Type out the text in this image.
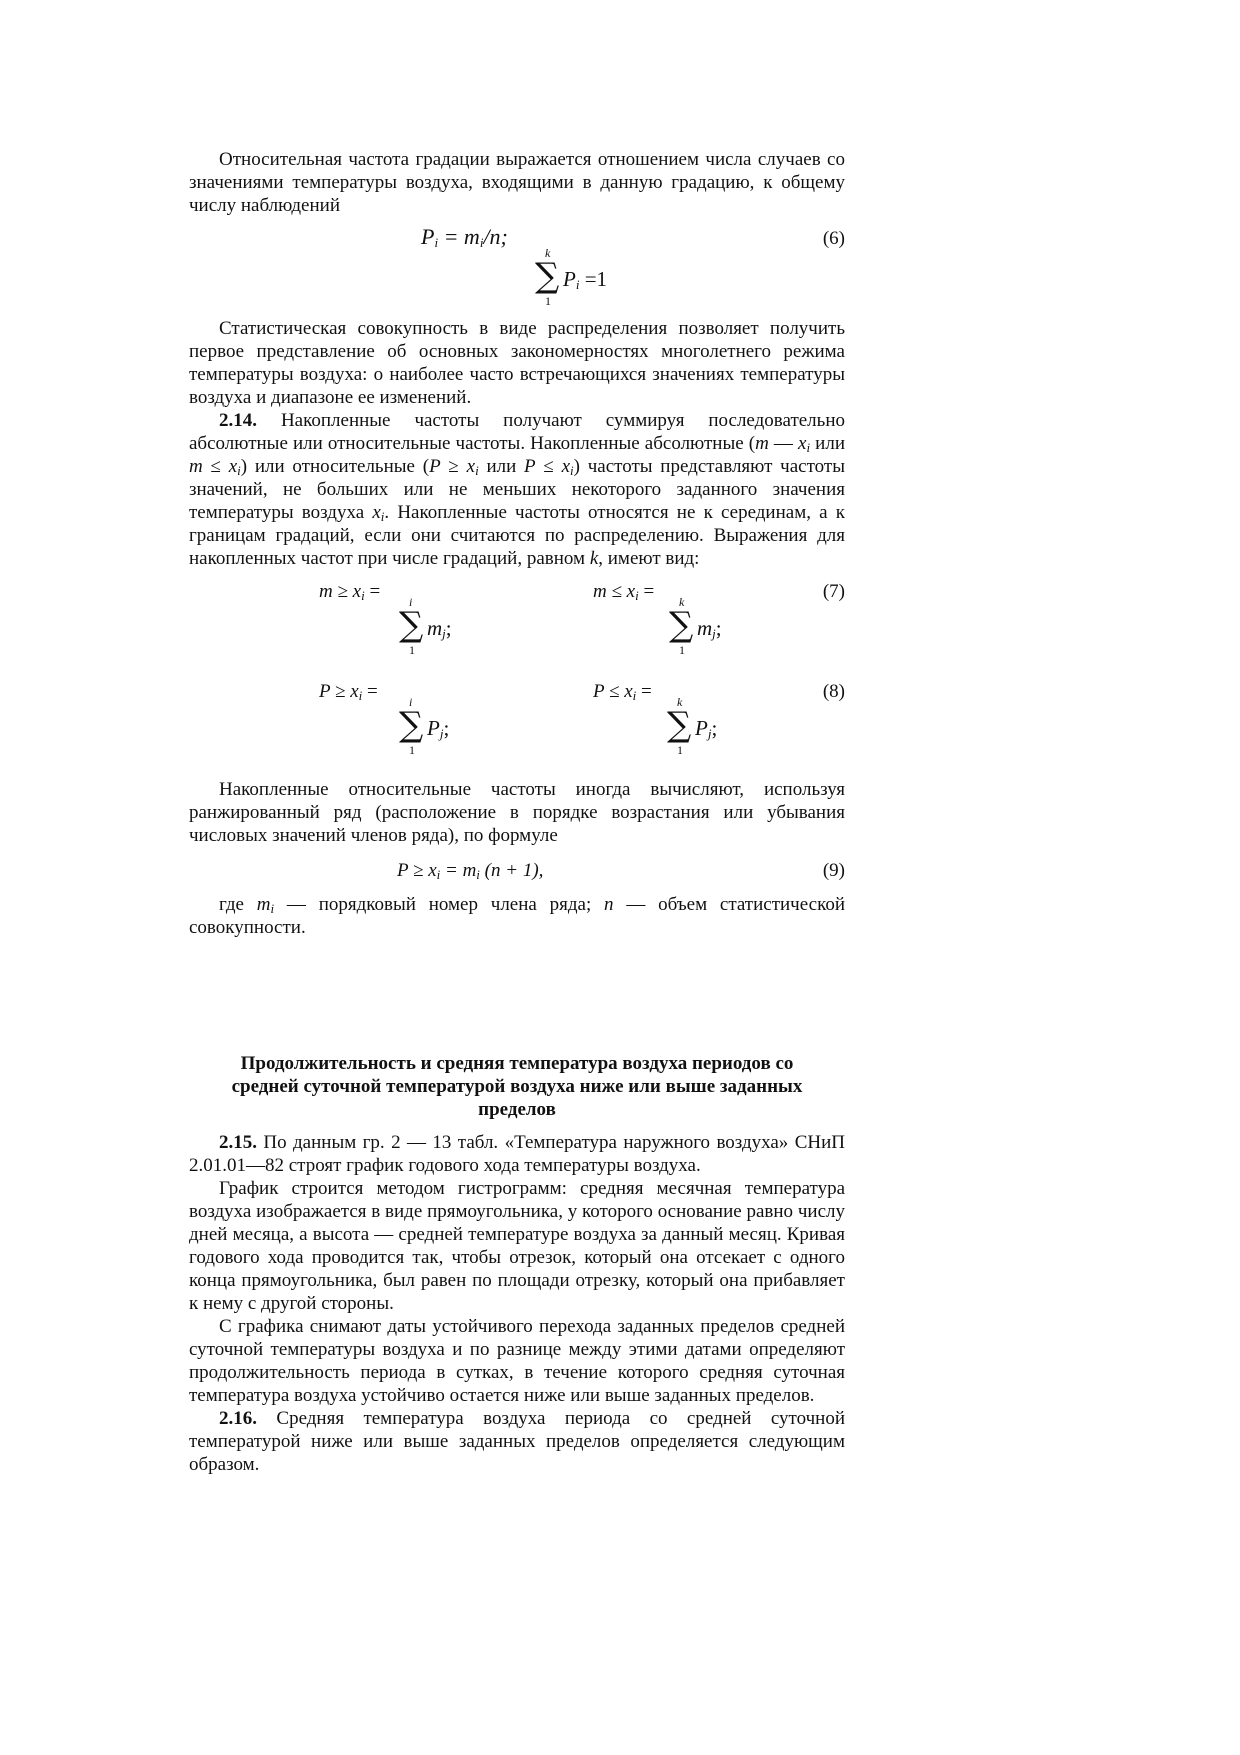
Относительная частота градации выражается отношением числа случаев со значениями температуры воздуха, входящими в данную градацию, к общему числу наблюдений

$P_i = m_i/n$;	(6)
k
∑
1
$P_i =1$

Статистическая совокупность в виде распределения позволяет получить первое представление об основных закономерностях многолетнего режима температуры воздуха: о наиболее часто встречающихся значениях температуры воздуха и диапазоне ее изменений.

2.14. Накопленные частоты получают суммируя последовательно абсолютные или относительные частоты. Накопленные абсолютные (m — $x_i$ или $m \le x_i$) или относительные ($P \ge x_i$ или $P \le x_i$) частоты представляют частоты значений, не больших или не меньших некоторого заданного значения температуры воздуха $x_i$. Накопленные частоты относятся не к серединам, а к границам градаций, если они считаются по распределению. Выражения для накопленных частот при числе градаций, равном k, имеют вид:

$m \ge x_i = i$
∑
1
$m_j$;
$m \le x_i = k$
∑
1
$m_j$;
(7)
$P \ge x_i$ =	i
∑
1
$P_j$;
$P \le x_i = k$
∑
1
$P_j$;
(8)

Накопленные относительные частоты иногда вычисляют, используя ранжированный ряд (расположение в порядке возрастания или убывания числовых значений членов ряда), по формуле

$P \ge x_i = m_i$ (n + 1),	(9)

где $m_i$ — порядковый номер члена ряда; n — объем статистической совокупности.

Продолжительность и средняя температура воздуха периодов со средней суточной температурой воздуха ниже или выше заданных пределов

2.15. По данным гр. 2 — 13 табл. «Температура наружного воздуха» СНиП 2.01.01—82 строят график годового хода температуры воздуха.

График строится методом гистрограмм: средняя месячная температура воздуха изображается в виде прямоугольника, у которого основание равно числу дней месяца, а высота — средней температуре воздуха за данный месяц. Кривая годового хода проводится так, чтобы отрезок, который она отсекает с одного конца прямоугольника, был равен по площади отрезку, который она прибавляет к нему с другой стороны.

С графика снимают даты устойчивого перехода заданных пределов средней суточной температуры воздуха и по разнице между этими датами определяют продолжительность периода в сутках, в течение которого средняя суточная температура воздуха устойчиво остается ниже или выше заданных пределов.

2.16. Средняя температура воздуха периода со средней суточной температурой ниже или выше заданных пределов определяется следующим образом.
